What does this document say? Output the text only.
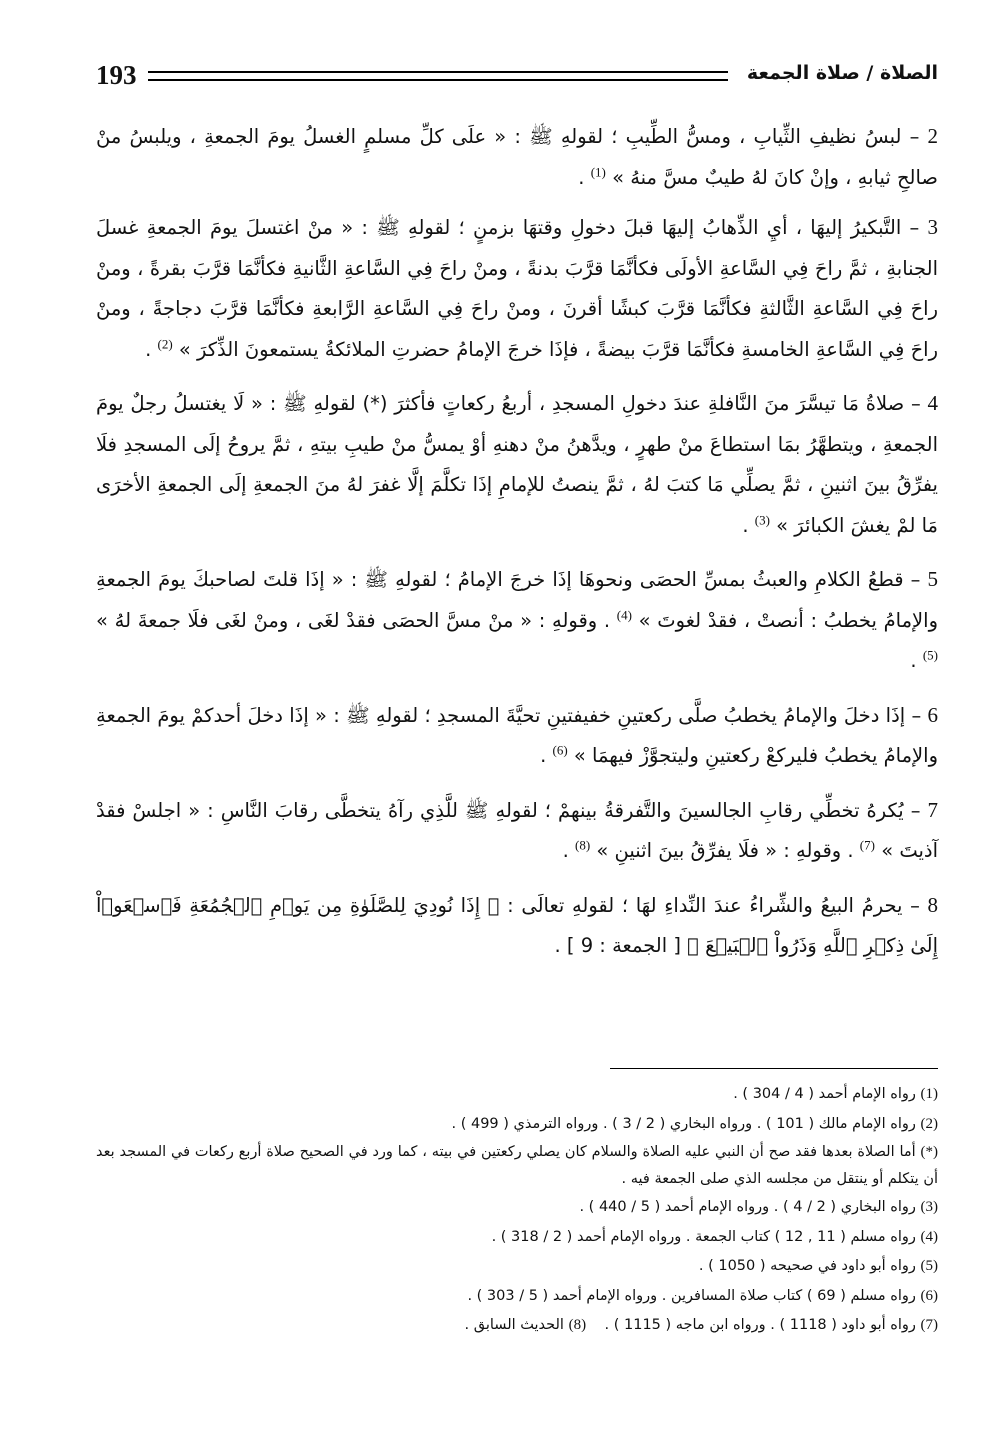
193	الصلاة / صلاة الجمعة

2 – لبسُ نظيفِ الثِّيابِ ، ومسُّ الطِّيبِ ؛ لقولهِ ﷺ : « علَى كلِّ مسلمٍ الغسلُ يومَ الجمعةِ ، ويلبسُ منْ صالحِ ثيابهِ ، وإنْ كانَ لهُ طيبٌ مسَّ منهُ » $^{(1)}$ .

3 – التَّبكيرُ إليهَا ، أيِ الذِّهابُ إليهَا قبلَ دخولِ وقتهَا بزمنٍ ؛ لقولهِ ﷺ : « منْ اغتسلَ يومَ الجمعةِ غسلَ الجنابةِ ، ثمَّ راحَ فِي السَّاعةِ الأولَى فكأنَّمَا قرَّبَ بدنةً ، ومنْ راحَ فِي السَّاعةِ الثَّانيةِ فكأنَّمَا قرَّبَ بقرةً ، ومنْ راحَ فِي السَّاعةِ الثَّالثةِ فكأنَّمَا قرَّبَ كبشًا أقرنَ ، ومنْ راحَ فِي السَّاعةِ الرَّابعةِ فكأنَّمَا قرَّبَ دجاجةً ، ومنْ راحَ فِي السَّاعةِ الخامسةِ فكأنَّمَا قرَّبَ بيضةً ، فإذَا خرجَ الإمامُ حضرتِ الملائكةُ يستمعونَ الذِّكرَ » $^{(2)}$ .

4 – صلاةُ مَا تيسَّرَ منَ النَّافلةِ عندَ دخولِ المسجدِ ، أربعُ ركعاتٍ فأكثرَ (*) لقولهِ ﷺ : « لَا يغتسلُ رجلٌ يومَ الجمعةِ ، ويتطهَّرُ بمَا استطاعَ منْ طهرٍ ، ويدَّهنُ منْ دهنهِ أوْ يمسُّ منْ طيبِ بيتهِ ، ثمَّ يروحُ إلَى المسجدِ فلَا يفرِّقُ بينَ اثنينِ ، ثمَّ يصلِّي مَا كتبَ لهُ ، ثمَّ ينصتُ للإمامِ إذَا تكلَّمَ إلَّا غفرَ لهُ منَ الجمعةِ إلَى الجمعةِ الأخرَى مَا لمْ يغشَ الكبائرَ » $^{(3)}$ .

5 – قطعُ الكلامِ والعبثُ بمسِّ الحصَى ونحوهَا إذَا خرجَ الإمامُ ؛ لقولهِ ﷺ : « إذَا قلتَ لصاحبكَ يومَ الجمعةِ والإمامُ يخطبُ : أنصتْ ، فقدْ لغوتَ » $^{(4)}$ . وقولهِ : « منْ مسَّ الحصَى فقدْ لغَى ، ومنْ لغَى فلَا جمعةَ لهُ » $^{(5)}$ .

6 – إذَا دخلَ والإمامُ يخطبُ صلَّى ركعتينِ خفيفتينِ تحيَّةَ المسجدِ ؛ لقولهِ ﷺ : « إذَا دخلَ أحدكمْ يومَ الجمعةِ والإمامُ يخطبُ فليركعْ ركعتينِ وليتجوَّزْ فيهمَا » $^{(6)}$ .

7 – يُكرهُ تخطِّي رقابِ الجالسينَ والتَّفرقةُ بينهمْ ؛ لقولهِ ﷺ للَّذِي رآهُ يتخطَّى رقابَ النَّاسِ : « اجلسْ فقدْ آذيتَ » $^{(7)}$ . وقولهِ : « فلَا يفرِّقُ بينَ اثنينِ » $^{(8)}$ .

8 – يحرمُ البيعُ والشِّراءُ عندَ النِّداءِ لهَا ؛ لقولهِ تعالَى : ﴿ إِذَا نُودِيَ لِلصَّلَوٰةِ مِن يَوۡمِ ٱلۡجُمُعَةِ فَٱسۡعَوۡاْ إِلَىٰ ذِكۡرِ ٱللَّهِ وَذَرُواْ ٱلۡبَيۡعَ ﴾ [ الجمعة : 9 ] .

(1) رواه الإمام أحمد ( 4 / 304 ) .
(2) رواه الإمام مالك ( 101 ) . ورواه البخاري ( 2 / 3 ) . ورواه الترمذي ( 499 ) .
(*) أما الصلاة بعدها فقد صح أن النبي عليه الصلاة والسلام كان يصلي ركعتين في بيته ، كما ورد في الصحيح صلاة أربع ركعات في المسجد بعد أن يتكلم أو ينتقل من مجلسه الذي صلى الجمعة فيه .
(3) رواه البخاري ( 2 / 4 ) . ورواه الإمام أحمد ( 5 / 440 ) .
(4) رواه مسلم ( 11 , 12 ) كتاب الجمعة . ورواه الإمام أحمد ( 2 / 318 ) .
(5) رواه أبو داود في صحيحه ( 1050 ) .
(6) رواه مسلم ( 69 ) كتاب صلاة المسافرين . ورواه الإمام أحمد ( 5 / 303 ) .
(7) رواه أبو داود ( 1118 ) . ورواه ابن ماجه ( 1115 ) .    (8) الحديث السابق .
